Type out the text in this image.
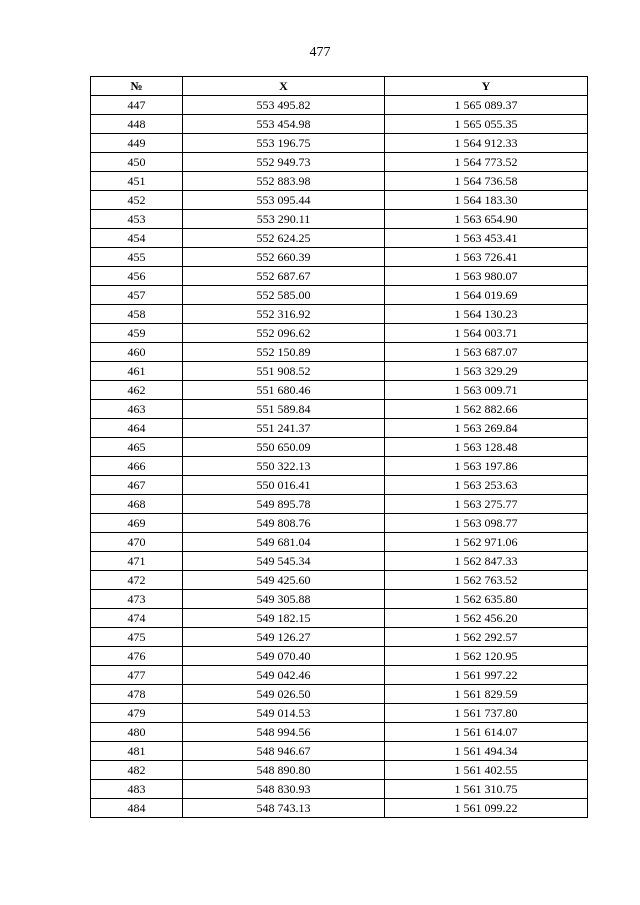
477
№	X	Y
447	553 495.82	1 565 089.37
448	553 454.98	1 565 055.35
449	553 196.75	1 564 912.33
450	552 949.73	1 564 773.52
451	552 883.98	1 564 736.58
452	553 095.44	1 564 183.30
453	553 290.11	1 563 654.90
454	552 624.25	1 563 453.41
455	552 660.39	1 563 726.41
456	552 687.67	1 563 980.07
457	552 585.00	1 564 019.69
458	552 316.92	1 564 130.23
459	552 096.62	1 564 003.71
460	552 150.89	1 563 687.07
461	551 908.52	1 563 329.29
462	551 680.46	1 563 009.71
463	551 589.84	1 562 882.66
464	551 241.37	1 563 269.84
465	550 650.09	1 563 128.48
466	550 322.13	1 563 197.86
467	550 016.41	1 563 253.63
468	549 895.78	1 563 275.77
469	549 808.76	1 563 098.77
470	549 681.04	1 562 971.06
471	549 545.34	1 562 847.33
472	549 425.60	1 562 763.52
473	549 305.88	1 562 635.80
474	549 182.15	1 562 456.20
475	549 126.27	1 562 292.57
476	549 070.40	1 562 120.95
477	549 042.46	1 561 997.22
478	549 026.50	1 561 829.59
479	549 014.53	1 561 737.80
480	548 994.56	1 561 614.07
481	548 946.67	1 561 494.34
482	548 890.80	1 561 402.55
483	548 830.93	1 561 310.75
484	548 743.13	1 561 099.22
